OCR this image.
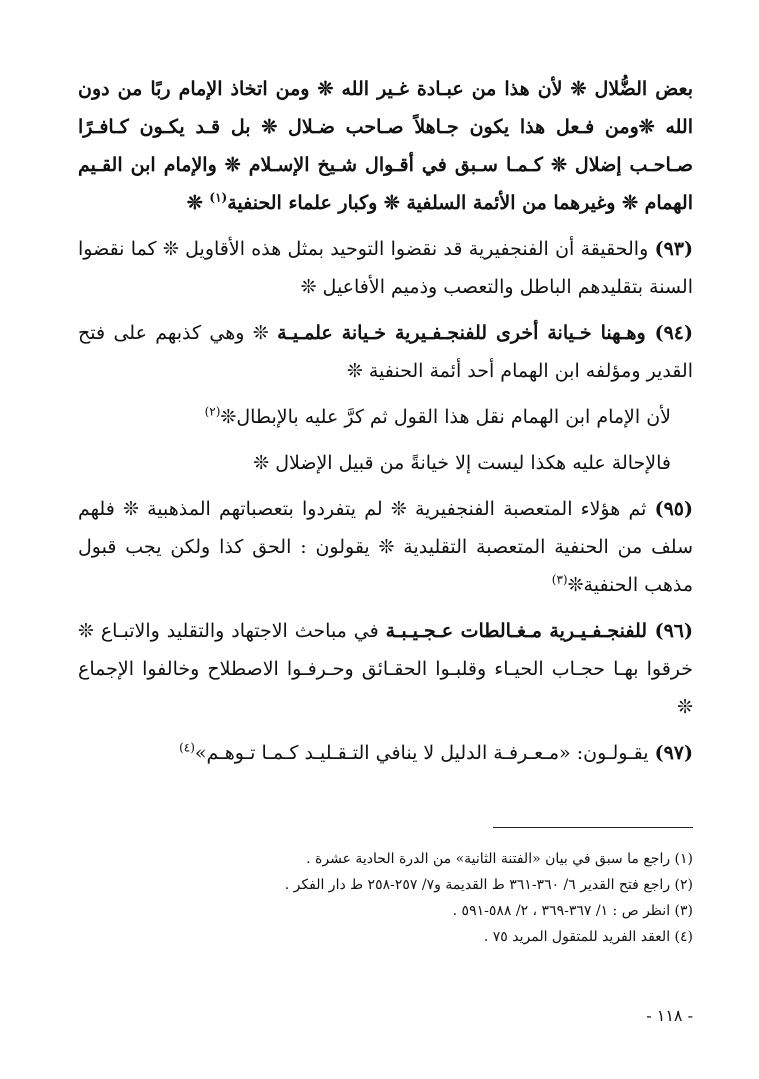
بعض الضُّلال ❊ لأن هذا من عبـادة غـير الله ❊ ومن اتخاذ الإمام ربًا من دون الله ❊ومن فـعل هذا يكون جـاهلاً صـاحب ضـلال ❊ بل قـد يكـون كـافـرًا صـاحـب إضلال ❊ كـمـا سـبق في أقـوال شـيخ الإسـلام ❊ والإمام ابن القـيم الهمام ❊ وغيرهما من الأئمة السلفية ❊ وكبار علماء الحنفية$^{(١)}$ ❊

(٩٣) والحقيقة أن الفنجفيرية قد نقضوا التوحيد بمثل هذه الأقاويل ❊ كما نقضوا السنة بتقليدهم الباطل والتعصب وذميم الأفاعيل ❊

(٩٤) وهـهنا خـيانة أخرى للفنجـفـيرية خـيانة علمـيـة ❊ وهي كذبهم على فتح القدير ومؤلفه ابن الهمام أحد أئمة الحنفية ❊

لأن الإمام ابن الهمام نقل هذا القول ثم كرَّ عليه بالإبطال❊$^{(٢)}$

فالإحالة عليه هكذا ليست إلا خيانةً من قبيل الإضلال ❊

(٩٥) ثم هؤلاء المتعصبة الفنجفيرية ❊ لم يتفردوا بتعصباتهم المذهبية ❊ فلهم سلف من الحنفية المتعصبة التقليدية ❊ يقولون : الحق كذا ولكن يجب قبول مذهب الحنفية❊$^{(٣)}$

(٩٦) للفنجـفـيـرية مـغـالطات عـجـيـبـة في مباحث الاجتهاد والتقليد والاتبـاع ❊ خرقوا بهـا حجـاب الحيـاء وقلبـوا الحقـائق وحـرفـوا الاصطلاح وخالفوا الإجماع ❊

(٩٧) يقـولـون: «مـعـرفـة الدليل لا ينافي التـقـليـد كـمـا تـوهـم»$^{(٤)}$

(١) راجع ما سبق في بيان «الفتنة الثانية» من الدرة الحادية عشرة .

(٢) راجع فتح القدير ٦/ ٣٦٠-٣٦١ ط القديمة و٧/ ٢٥٧-٢٥٨ ط دار الفكر .

(٣) انظر ص : ١/ ٣٦٧-٣٦٩ ، ٢/ ٥٨٨-٥٩١ .

(٤) العقد الفريد للمتقول المريد ٧٥ .

- ١١٨ -
